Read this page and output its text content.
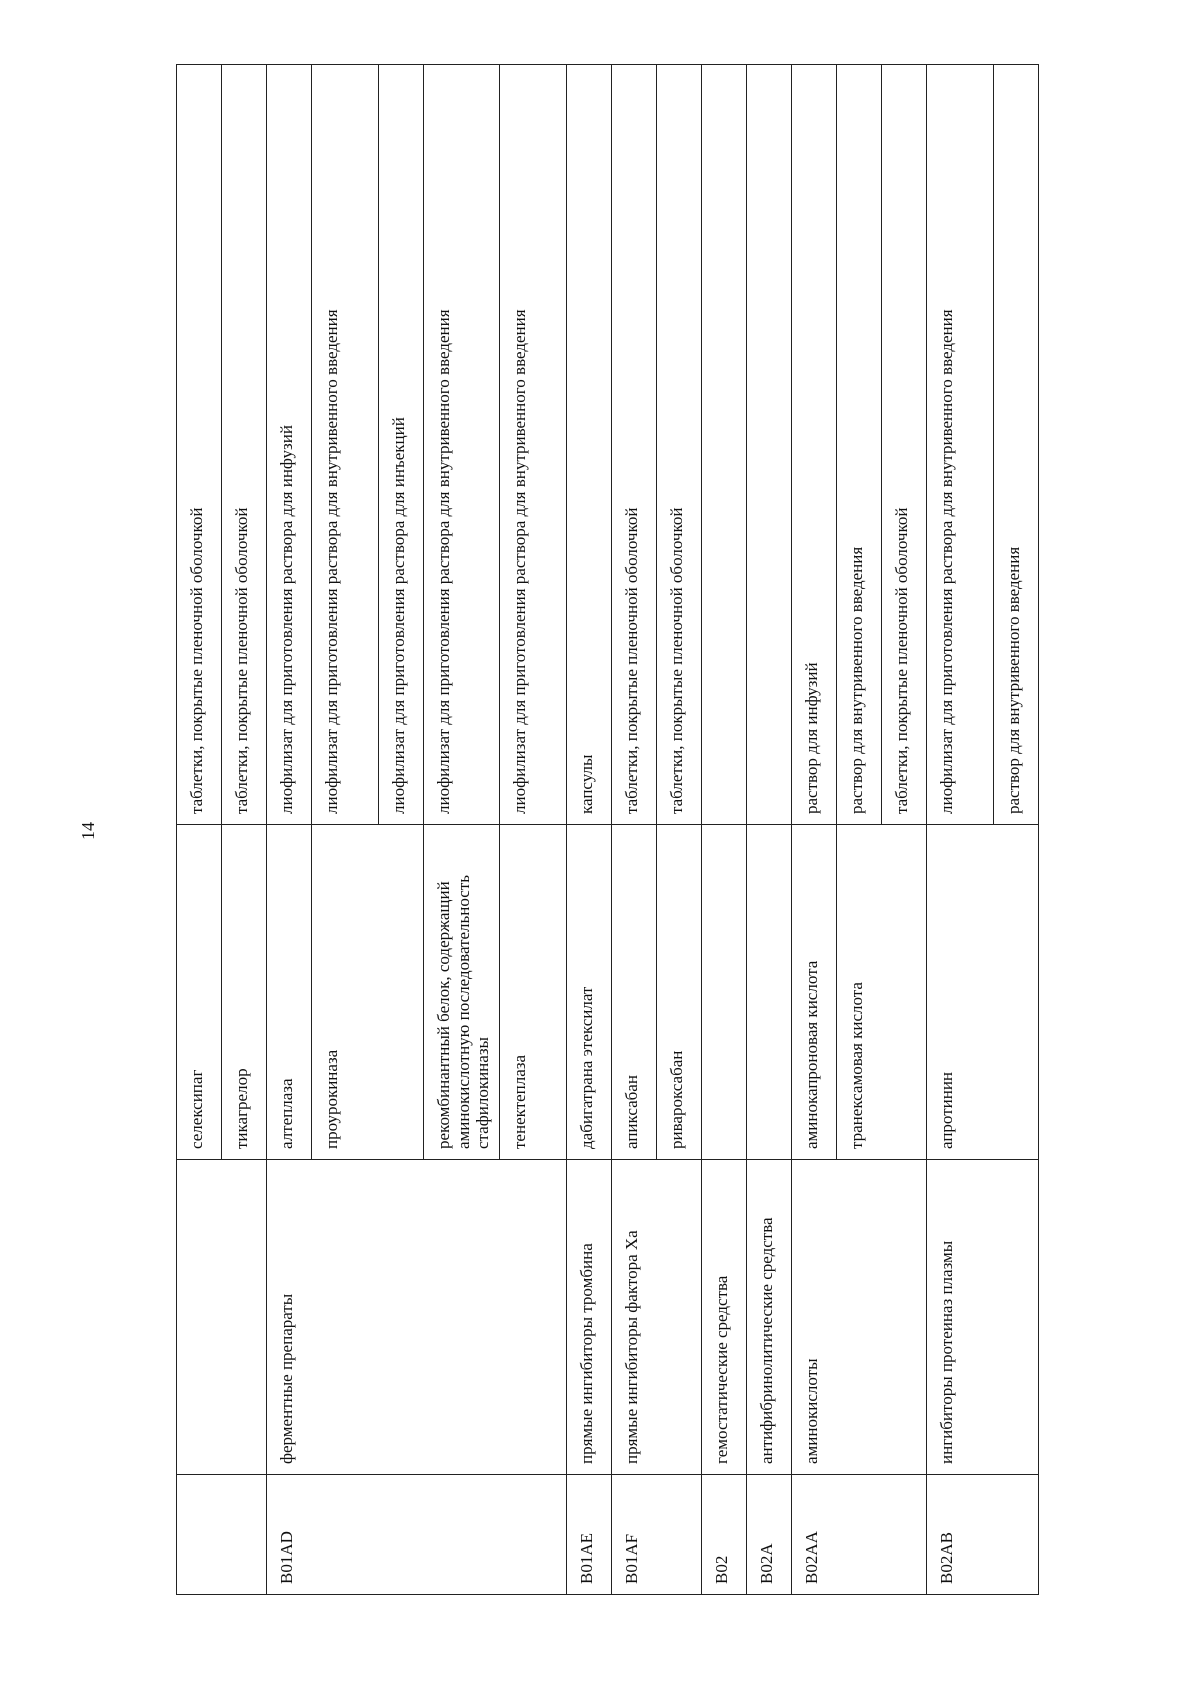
14
		селексипаг	таблетки, покрытые пленочной оболочкой
		тикагрелор	таблетки, покрытые пленочной оболочкой
B01AD	ферментные препараты	алтеплаза	лиофилизат для приготовления раствора для инфузий
		проурокиназа	лиофилизат для приготовления раствора для внутривенного введения
			лиофилизат для приготовления раствора для инъекций
		рекомбинантный белок, содержащий аминокислотную последовательность стафилокиназы	лиофилизат для приготовления раствора для внутривенного введения
		тенектеплаза	лиофилизат для приготовления раствора для внутривенного введения
B01AE	прямые ингибиторы тромбина	дабигатрана этексилат	капсулы
B01AF	прямые ингибиторы фактора Xa	апиксабан	таблетки, покрытые пленочной оболочкой
		ривароксабан	таблетки, покрытые пленочной оболочкой
B02	гемостатические средства		
B02A	антифибринолитические средства		
B02AA	аминокислоты	аминокапроновая кислота	раствор для инфузий
		транексамовая кислота	раствор для внутривенного введения
			таблетки, покрытые пленочной оболочкой
B02AB	ингибиторы протеиназ плазмы	апротинин	лиофилизат для приготовления раствора для внутривенного введения
			раствор для внутривенного введения
